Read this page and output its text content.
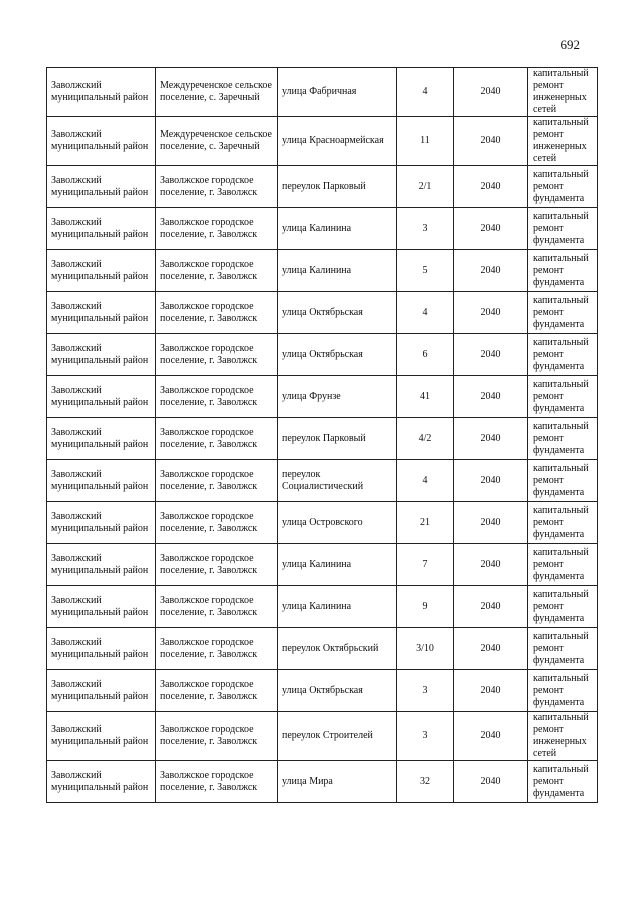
692
Заволжский муниципальный район	Междуреченское сельское поселение, с. Заречный	улица Фабричная	4	2040	капитальный ремонт инженерных сетей
Заволжский муниципальный район	Междуреченское сельское поселение, с. Заречный	улица Красноармейская	11	2040	капитальный ремонт инженерных сетей
Заволжский муниципальный район	Заволжское городское поселение, г. Заволжск	переулок Парковый	2/1	2040	капитальный ремонт фундамента
Заволжский муниципальный район	Заволжское городское поселение, г. Заволжск	улица Калинина	3	2040	капитальный ремонт фундамента
Заволжский муниципальный район	Заволжское городское поселение, г. Заволжск	улица Калинина	5	2040	капитальный ремонт фундамента
Заволжский муниципальный район	Заволжское городское поселение, г. Заволжск	улица Октябрьская	4	2040	капитальный ремонт фундамента
Заволжский муниципальный район	Заволжское городское поселение, г. Заволжск	улица Октябрьская	6	2040	капитальный ремонт фундамента
Заволжский муниципальный район	Заволжское городское поселение, г. Заволжск	улица Фрунзе	41	2040	капитальный ремонт фундамента
Заволжский муниципальный район	Заволжское городское поселение, г. Заволжск	переулок Парковый	4/2	2040	капитальный ремонт фундамента
Заволжский муниципальный район	Заволжское городское поселение, г. Заволжск	переулок Социалистический	4	2040	капитальный ремонт фундамента
Заволжский муниципальный район	Заволжское городское поселение, г. Заволжск	улица Островского	21	2040	капитальный ремонт фундамента
Заволжский муниципальный район	Заволжское городское поселение, г. Заволжск	улица Калинина	7	2040	капитальный ремонт фундамента
Заволжский муниципальный район	Заволжское городское поселение, г. Заволжск	улица Калинина	9	2040	капитальный ремонт фундамента
Заволжский муниципальный район	Заволжское городское поселение, г. Заволжск	переулок Октябрьский	3/10	2040	капитальный ремонт фундамента
Заволжский муниципальный район	Заволжское городское поселение, г. Заволжск	улица Октябрьская	3	2040	капитальный ремонт фундамента
Заволжский муниципальный район	Заволжское городское поселение, г. Заволжск	переулок Строителей	3	2040	капитальный ремонт инженерных сетей
Заволжский муниципальный район	Заволжское городское поселение, г. Заволжск	улица Мира	32	2040	капитальный ремонт фундамента
